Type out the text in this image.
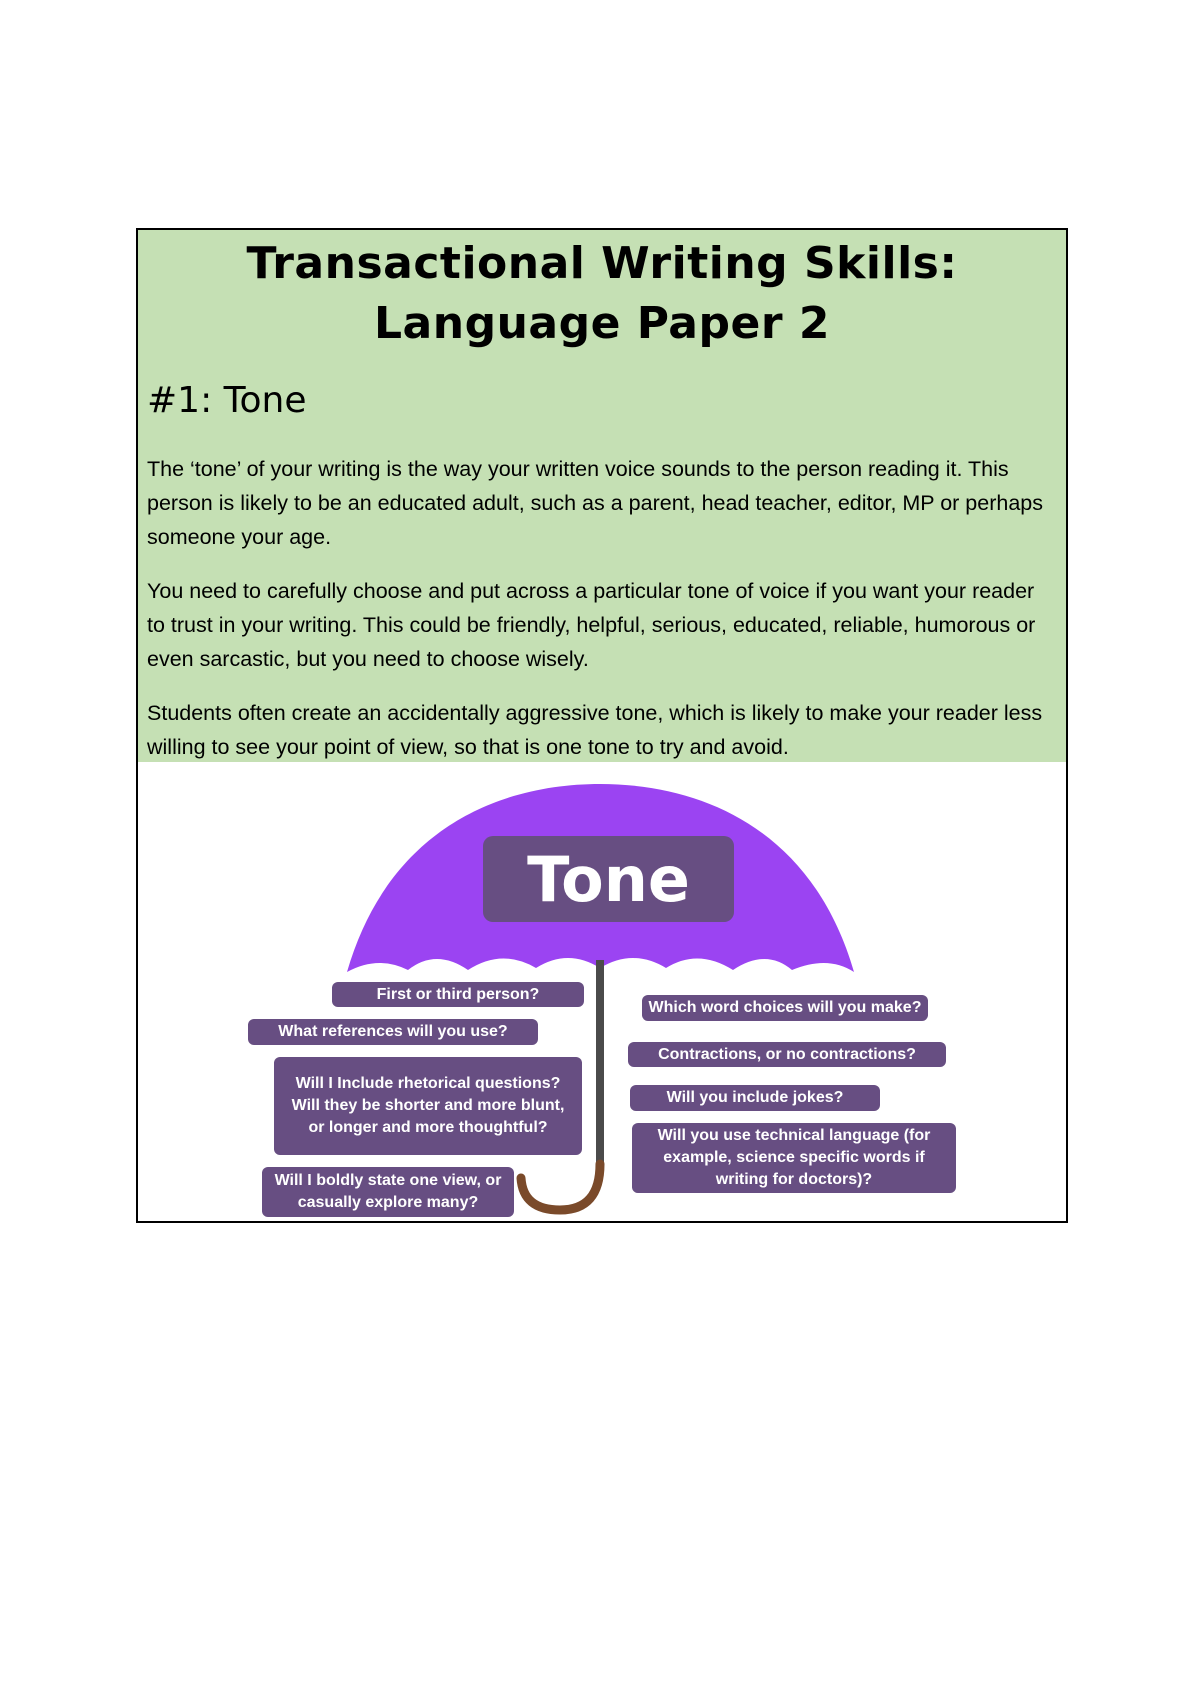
Transactional Writing Skills:
Language Paper 2
#1: Tone

The ‘tone’ of your writing is the way your written voice sounds to the person reading it. This person is likely to be an educated adult, such as a parent, head teacher, editor, MP or perhaps someone your age.

You need to carefully choose and put across a particular tone of voice if you want your reader to trust in your writing. This could be friendly, helpful, serious, educated, reliable, humorous or even sarcastic, but you need to choose wisely.

Students often create an accidentally aggressive tone, which is likely to make your reader less willing to see your point of view, so that is one tone to try and avoid.

Tone
First or third person?
What references will you use?
Will I Include rhetorical questions?
Will they be shorter and more blunt,
or longer and more thoughtful?
Will I boldly state one view, or
casually explore many?
Which word choices will you make?
Contractions, or no contractions?
Will you include jokes?
Will you use technical language (for
example, science specific words if
writing for doctors)?
